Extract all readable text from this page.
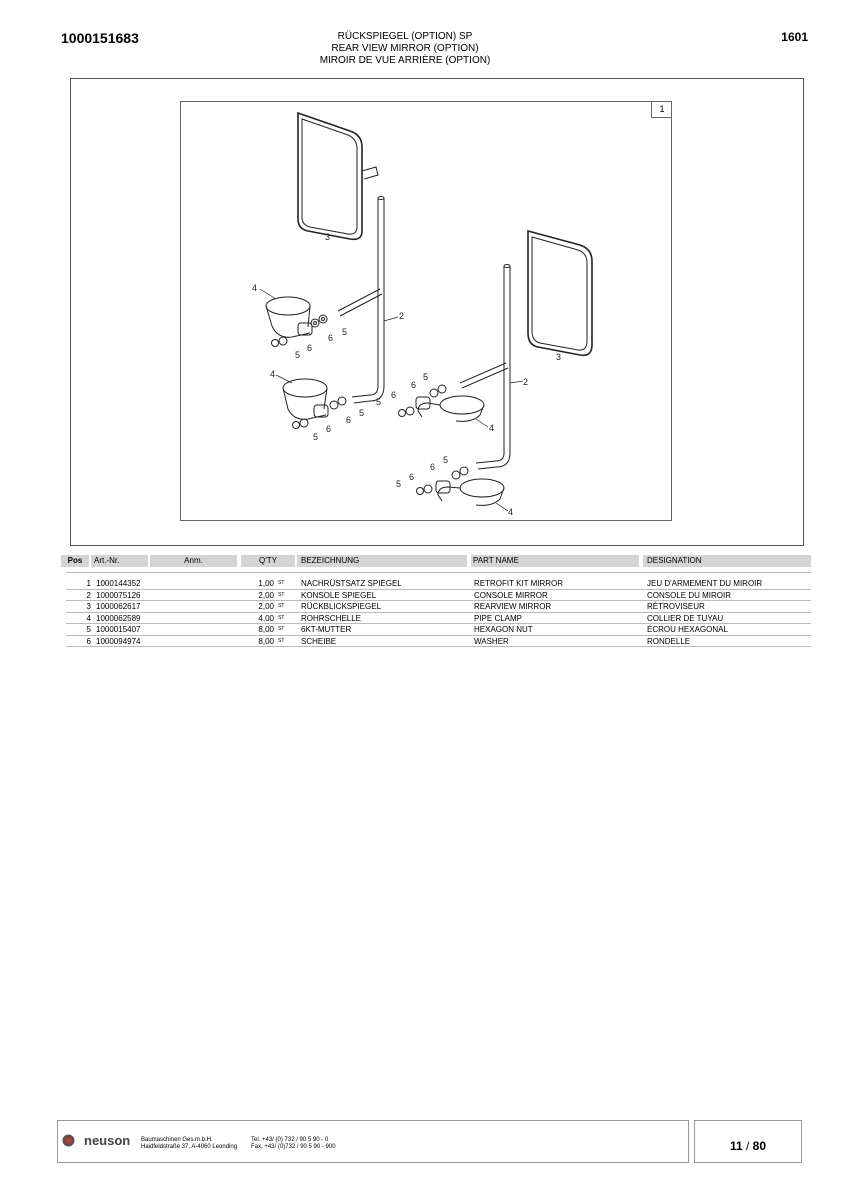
1000151683	RÜCKSPIEGEL (OPTION) SP
REAR VIEW MIRROR (OPTION)
MIROIR DE VUE ARRIÈRE (OPTION)
1601
1
3
2
4
5
6
6
5
4
5
6
6
5
3
2
4
5
6
6
5
4
5
6
6
5
Pos	Art.-Nr.	Anm.	Q'TY	BEZEICHNUNG	PART NAME	DESIGNATION
1 1000144352	1,00 ST NACHRÜSTSATZ SPIEGEL	RETROFIT KIT MIRROR	JEU D'ARMEMENT DU MIROIR
2 1000075126	2,00 ST KONSOLE SPIEGEL	CONSOLE MIRROR	CONSOLE DU MIROIR
3 1000062617	2,00 ST RÜCKBLICKSPIEGEL	REARVIEW MIRROR	RÉTROVISEUR
4 1000062589	4,00 ST ROHRSCHELLE	PIPE CLAMP	COLLIER DE TUYAU
5 1000015407	8,00 ST 6KT-MUTTER	HEXAGON NUT	ÉCROU HEXAGONAL
6 1000094974	8,00 ST SCHEIBE	WASHER	RONDELLE
neuson Baumaschinen Ges.m.b.H.
Haidfeldstraße 37, A-4060 Leonding
Tel. +43/ (0) 732 / 90 5 90 - 0
Fax. +43/ (0)732 / 90 5 90 - 900	11 / 80
